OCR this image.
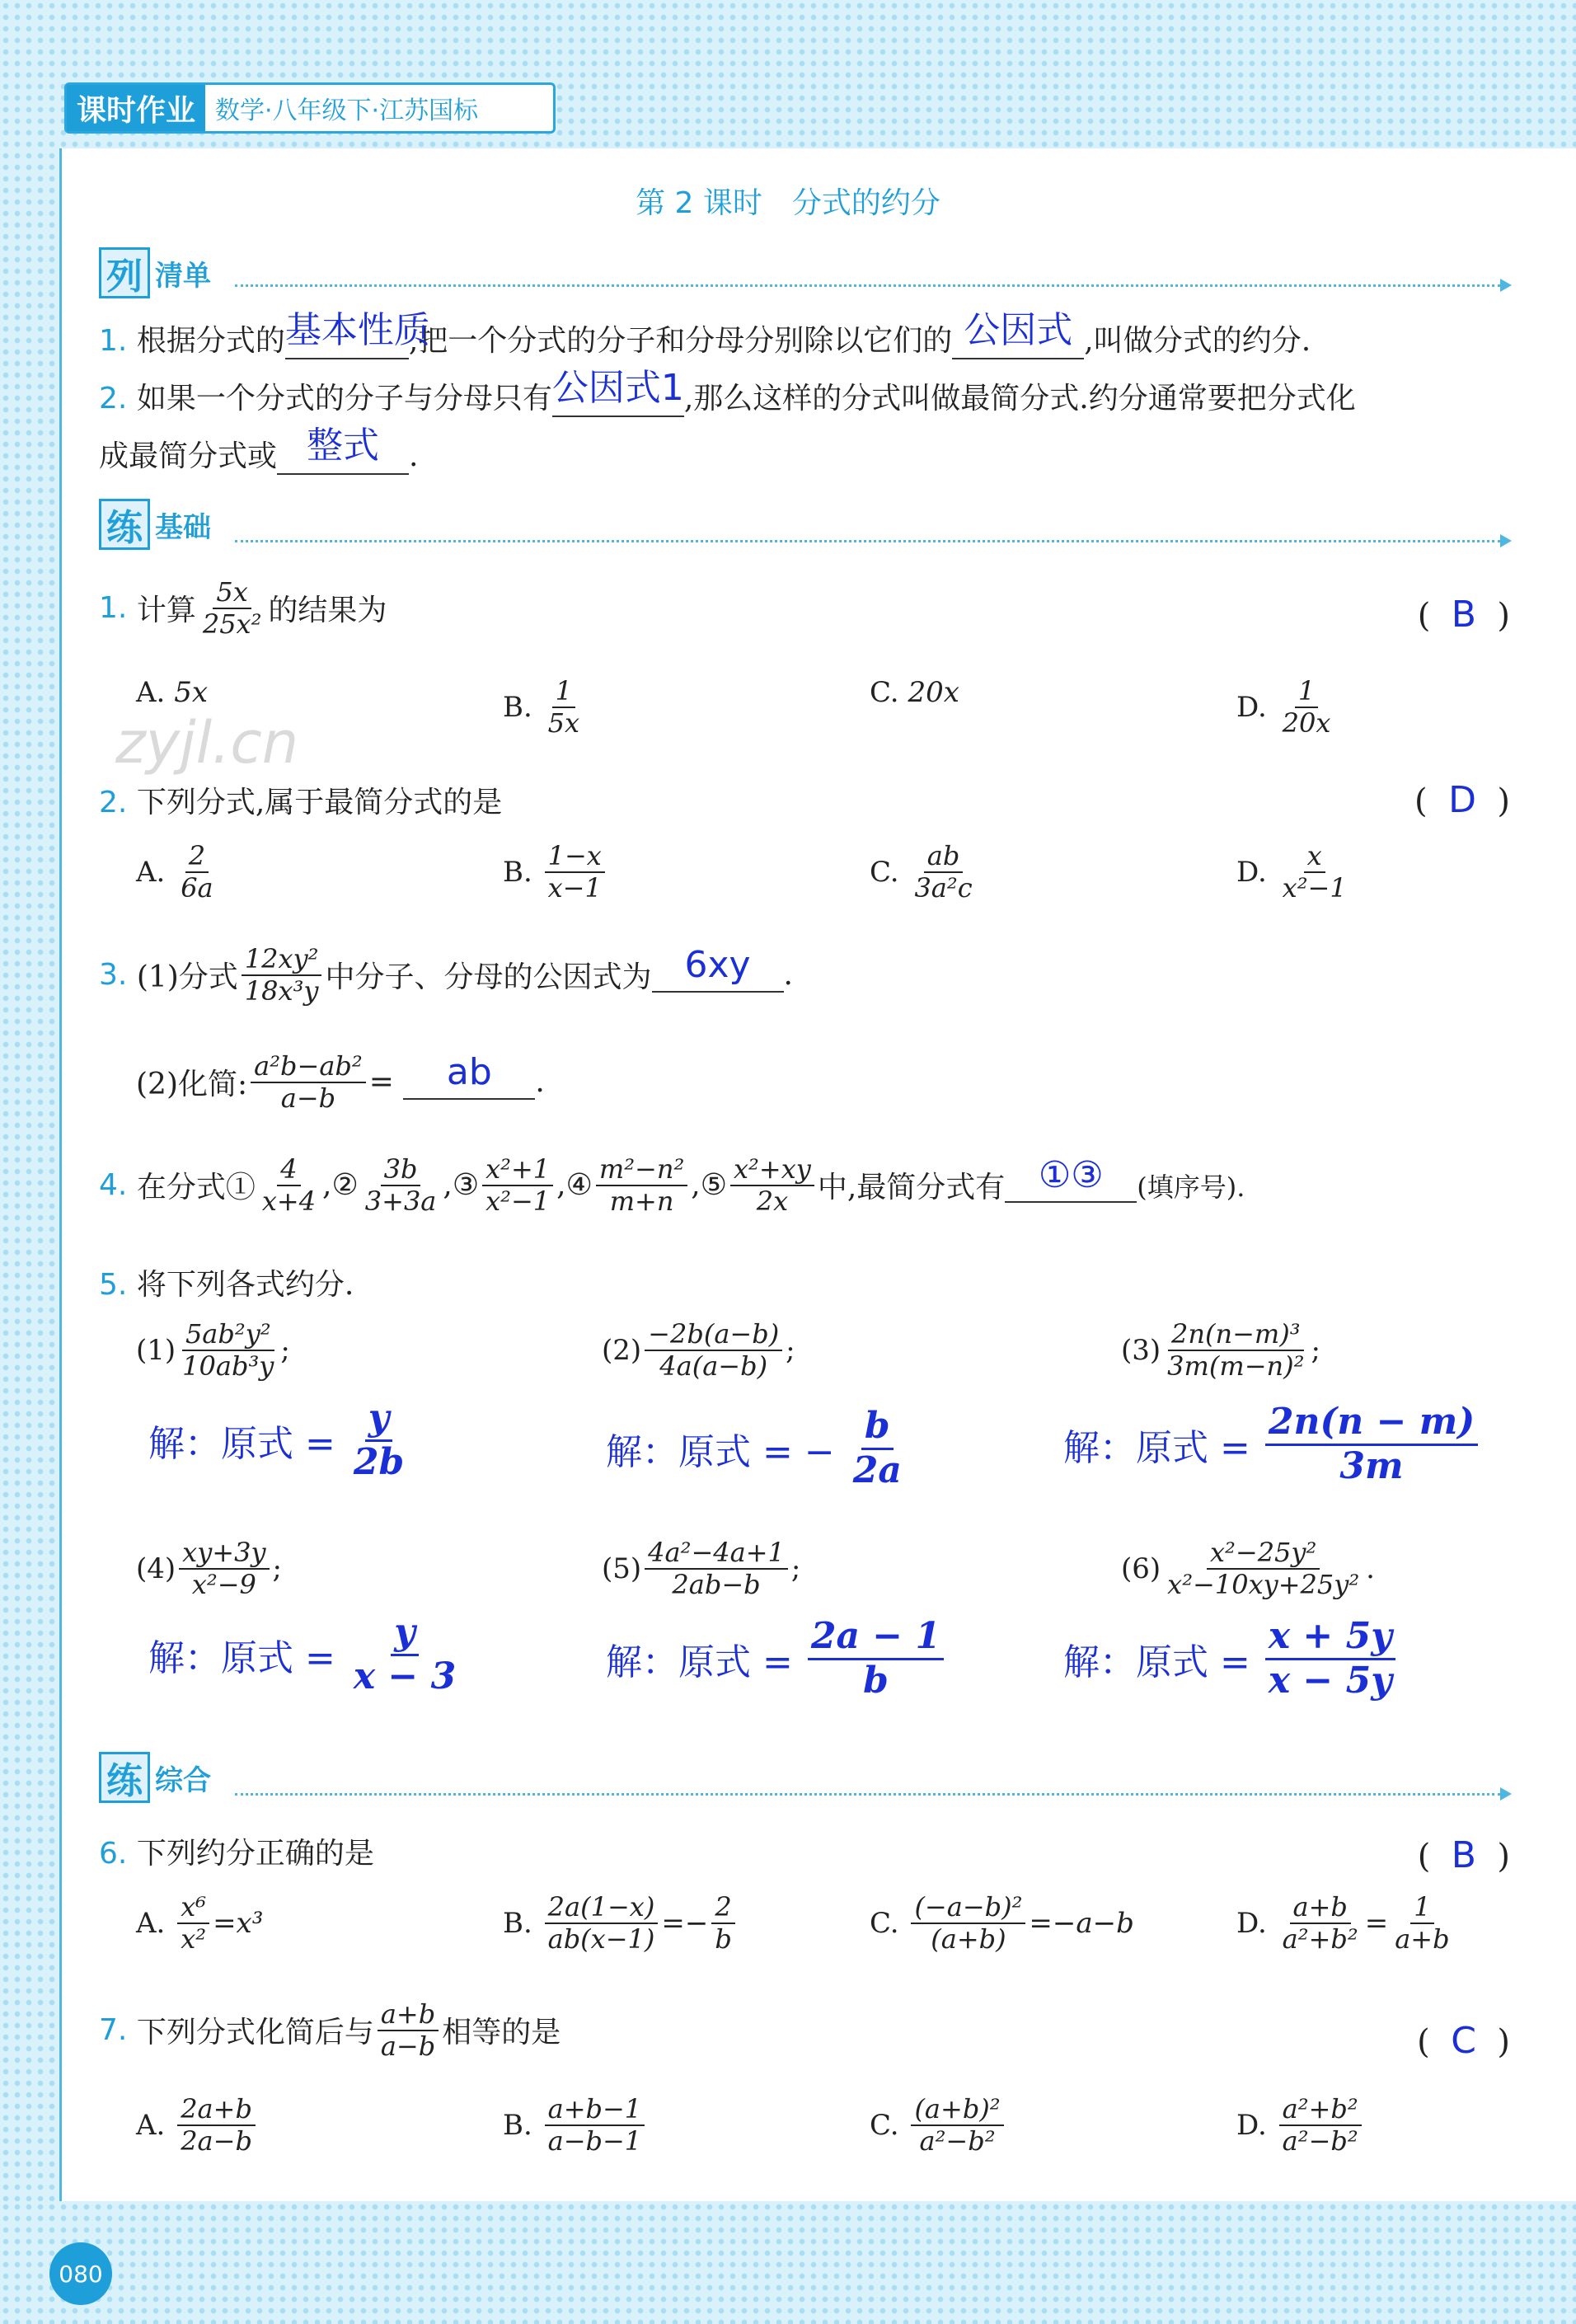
课时作业 数学·八年级下·江苏国标
第 2 课时　分式的约分
列 清单
1. 根据分式的 基本性质
,把一个分式的分子和分母分别除以它们的 公因式 ,叫做分式的约分.
2. 如果一个分式的分子与分母只有 公因式1 ,那么这样的分式叫做最简分式.约分通常要把分式化
成最简分式或 整式	.
练 基础
1.
计算 $\frac{5x}{\text{25x²}}$ 的结果为	( B )
A.
5x	B.
$\frac{1}{5x}$	C.
20x	D.
$\frac{1}{20x}$
zyjl.cn
2. 下列分式,属于最简分式的是	( D )
A.
$\frac{2}{6a}$	B.
$\frac{1-x}{x-1}$	C.
$\frac{ab}{\text{3a²c}}$	D.
$\frac{x}{\text{x²−1}}$
3.
(1)分式 $\frac{\text{12xy²}}{\text{18x³y}}$ 中分子、分母的公因式为 6xy
	.
(2)化简: $\frac{\text{a²b−ab²}}{a-b}$ =
	ab
	.
4.
在分式① $\frac{4}{x+4}$ ,② $\frac{3b}{3+3a}$ ,③ $\frac{\text{x²+1}}{\text{x²−1}}$ ,④ $\frac{\text{m²−n²}}{m+n}$ ,⑤ $\frac{\text{x²+xy}}{2x}$ 中,最简分式有 ①③
	(填序号).
5. 将下列各式约分.
$(1) \frac{\text{5ab²y²}}{\text{10ab³y}}$ ;
解：原式 =
$\frac{y}{2b}$
$(2) \frac{-2b(a-b)}{4a(a-b)}$ ;
解：原式 = −
$\frac{b}{2a}$
$(3) \frac{\text{2n(n−m)³}}{\text{3m(m−n)²}}$ ;
解：原式 =
$\frac{2n(n - m)}{3m}$
$(4) \frac{xy+3y}{\text{x²−9}}$ ;
解：原式 =
$\frac{y}{x - 3}$
$(5) \frac{\text{4a²−4a+1}}{2ab-b}$ ;
解：原式 =
$\frac{2a - 1}{b}$
$(6) \frac{\text{x²−25y²}}{\text{x²−10xy+25y²}}$ .
解：原式 =
$\frac{x + 5y}{x - 5y}$
练 综合
6. 下列约分正确的是	( B )
A.
$\frac{\text{x⁶}}{\text{x²}} =x^3$	B.
$\frac{2a(1-x)}{ab(x-1)} =- \frac{2}{b}$	C.
$\frac{\text{(−a−b)²}}{(a+b)} =-a-b$	D.
$\frac{a+b}{\text{a²+b²}} = \frac{1}{a+b}$
7.
下列分式化简后与 $\frac{a+b}{a-b}$ 相等的是	( C )
A.
$\frac{2a+b}{2a-b}$	B.
$\frac{a+b-1}{a-b-1}$	C.
$\frac{\text{(a+b)²}}{\text{a²−b²}}$	D.
$\frac{\text{a²+b²}}{\text{a²−b²}}$
080
